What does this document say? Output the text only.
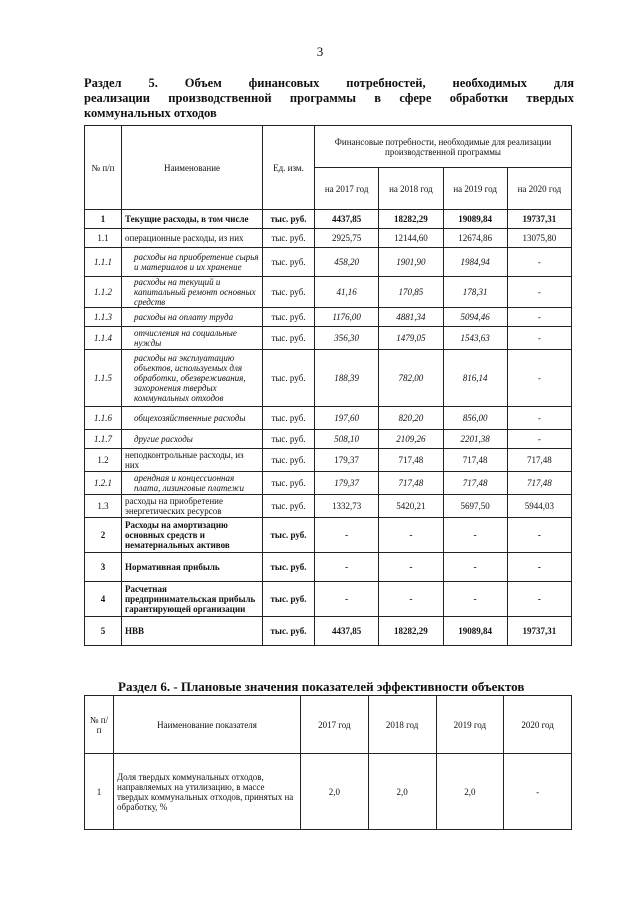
3
Раздел 5. Объем финансовых потребностей, необходимых для
реализации производственной программы в сфере обработки твердых
коммунальных отходов
№ п/п	Наименование	Ед. изм.	Финансовые потребности, необходимые для реализации производственной программы			
			на 2017 год	на 2018 год	на 2019 год	на 2020 год
1	Текущие расходы, в том числе	тыс. руб.	4437,85	18282,29	19089,84	19737,31
1.1	операционные расходы, из них	тыс. руб.	2925,75	12144,60	12674,86	13075,80
1.1.1	расходы на приобретение сырья и материалов и их хранение	тыс. руб.	458,20	1901,90	1984,94	-
1.1.2	расходы на текущий и капитальный ремонт основных средств	тыс. руб.	41,16	170,85	178,31	-
1.1.3	расходы на оплату труда	тыс. руб.	1176,00	4881,34	5094,46	-
1.1.4	отчисления на социальные нужды	тыс. руб.	356,30	1479,05	1543,63	-
1.1.5	расходы на эксплуатацию объектов, используемых для обработки, обезвреживания, захоронения твердых коммунальных отходов	тыс. руб.	188,39	782,00	816,14	-
1.1.6	общехозяйственные расходы	тыс. руб.	197,60	820,20	856,00	-
1.1.7	другие расходы	тыс. руб.	508,10	2109,26	2201,38	-
1.2	неподконтрольные расходы, из них	тыс. руб.	179,37	717,48	717,48	717,48
1.2.1	арендная и концессионная плата, лизинговые платежи	тыс. руб.	179,37	717,48	717,48	717,48
1.3	расходы на приобретение энергетических ресурсов	тыс. руб.	1332,73	5420,21	5697,50	5944,03
2	Расходы на амортизацию основных средств и нематериальных активов	тыс. руб.	-	-	-	-
3	Нормативная прибыль	тыс. руб.	-	-	-	-
4	Расчетная предпринимательская прибыль гарантирующей организации	тыс. руб.	-	-	-	-
5	НВВ	тыс. руб.	4437,85	18282,29	19089,84	19737,31
Раздел 6. - Плановые значения показателей эффективности объектов
№ п/п	Наименование показателя	2017 год	2018 год	2019 год	2020 год
1	Доля твердых коммунальных отходов, направляемых на утилизацию, в массе твердых коммунальных отходов, принятых на обработку, %	2,0	2,0	2,0	-
